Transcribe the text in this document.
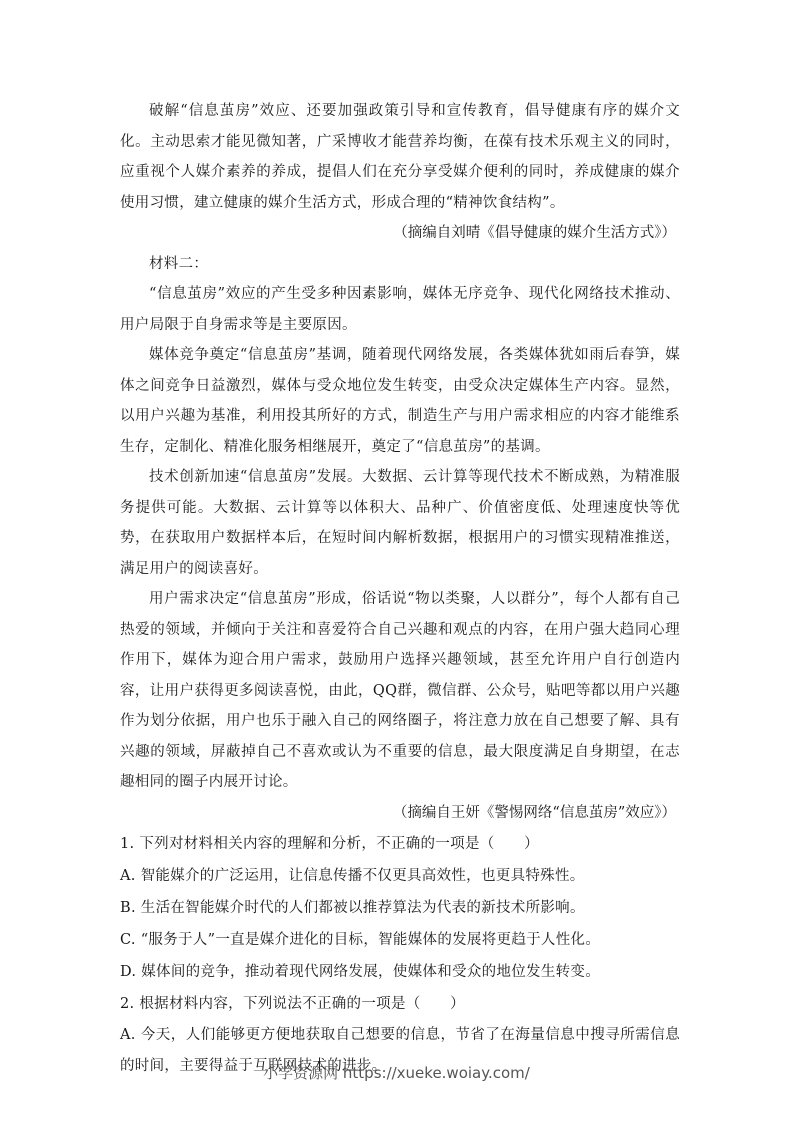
破解“信息茧房”效应、还要加强政策引导和宣传教育，倡导健康有序的媒介文化。主动思索才能见微知著，广采博收才能营养均衡，在葆有技术乐观主义的同时，应重视个人媒介素养的养成，提倡人们在充分享受媒介便利的同时，养成健康的媒介使用习惯，建立健康的媒介生活方式，形成合理的“精神饮食结构”。

（摘编自刘晴《倡导健康的媒介生活方式》）

材料二：

“信息茧房”效应的产生受多种因素影响，媒体无序竞争、现代化网络技术推动、用户局限于自身需求等是主要原因。

媒体竞争奠定“信息茧房”基调，随着现代网络发展，各类媒体犹如雨后春笋，媒体之间竞争日益激烈，媒体与受众地位发生转变，由受众决定媒体生产内容。显然，以用户兴趣为基准，利用投其所好的方式，制造生产与用户需求相应的内容才能维系生存，定制化、精准化服务相继展开，奠定了“信息茧房”的基调。

技术创新加速“信息茧房”发展。大数据、云计算等现代技术不断成熟，为精准服务提供可能。大数据、云计算等以体积大、品种广、价值密度低、处理速度快等优势，在获取用户数据样本后，在短时间内解析数据，根据用户的习惯实现精准推送，满足用户的阅读喜好。

用户需求决定“信息茧房”形成，俗话说“物以类聚，人以群分”，每个人都有自己热爱的领域，并倾向于关注和喜爱符合自己兴趣和观点的内容，在用户强大趋同心理作用下，媒体为迎合用户需求，鼓励用户选择兴趣领域，甚至允许用户自行创造内容，让用户获得更多阅读喜悦，由此，QQ群，微信群、公众号，贴吧等都以用户兴趣作为划分依据，用户也乐于融入自己的网络圈子，将注意力放在自己想要了解、具有兴趣的领域，屏蔽掉自己不喜欢或认为不重要的信息，最大限度满足自身期望，在志趣相同的圈子内展开讨论。

（摘编自王妍《警惕网络“信息茧房”效应》）

1. 下列对材料相关内容的理解和分析，不正确的一项是（　　）

A. 智能媒介的广泛运用，让信息传播不仅更具高效性，也更具特殊性。

B. 生活在智能媒介时代的人们都被以推荐算法为代表的新技术所影响。

C. “服务于人”一直是媒介进化的目标，智能媒体的发展将更趋于人性化。

D. 媒体间的竞争，推动着现代网络发展，使媒体和受众的地位发生转变。

2. 根据材料内容，下列说法不正确的一项是（　　）

A. 今天，人们能够更方便地获取自己想要的信息，节省了在海量信息中搜寻所需信息的时间，主要得益于互联网技术的进步。

小学资源网 https://xueke.woiay.com/
